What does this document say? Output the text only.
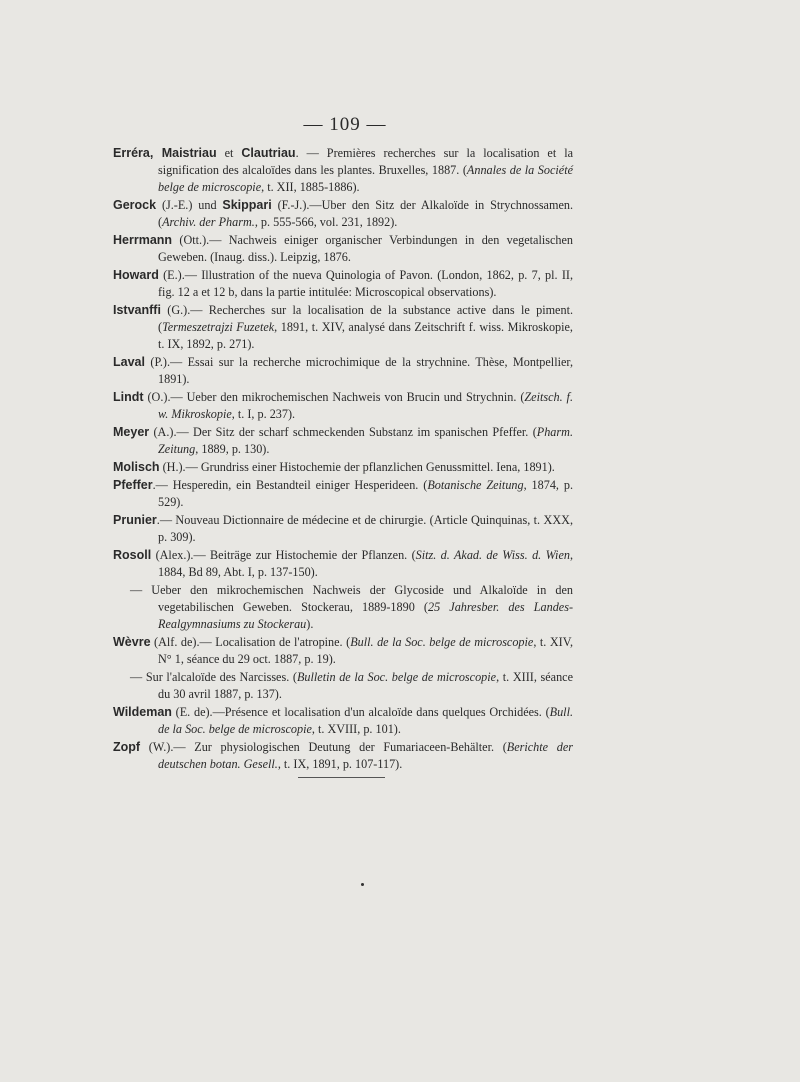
— 109 —

Erréra, Maistriau et Clautriau. — Premières recherches sur la localisation et la signification des alcaloïdes dans les plantes. Bruxelles, 1887. (Annales de la Société belge de microscopie, t. XII, 1885-1886).

Gerock (J.-E.) und Skippari (F.-J.).—Uber den Sitz der Alkaloïde in Strychnossamen. (Archiv. der Pharm., p. 555-566, vol. 231, 1892).

Herrmann (Ott.).— Nachweis einiger organischer Verbindungen in den vegetalischen Geweben. (Inaug. diss.). Leipzig, 1876.

Howard (E.).— Illustration of the nueva Quinologia of Pavon. (London, 1862, p. 7, pl. II, fig. 12 a et 12 b, dans la partie intitulée: Microscopical observations).

Istvanffi (G.).— Recherches sur la localisation de la substance active dans le piment. (Termeszetrajzi Fuzetek, 1891, t. XIV, analysé dans Zeitschrift f. wiss. Mikroskopie, t. IX, 1892, p. 271).

Laval (P.).— Essai sur la recherche microchimique de la strychnine. Thèse, Montpellier, 1891).

Lindt (O.).— Ueber den mikrochemischen Nachweis von Brucin und Strychnin. (Zeitsch. f. w. Mikroskopie, t. I, p. 237).

Meyer (A.).— Der Sitz der scharf schmeckenden Substanz im spanischen Pfeffer. (Pharm. Zeitung, 1889, p. 130).

Molisch (H.).— Grundriss einer Histochemie der pflanzlichen Genussmittel. Iena, 1891).

Pfeffer.— Hesperedin, ein Bestandteil einiger Hesperideen. (Botanische Zeitung, 1874, p. 529).

Prunier.— Nouveau Dictionnaire de médecine et de chirurgie. (Article Quinquinas, t. XXX, p. 309).

Rosoll (Alex.).— Beiträge zur Histochemie der Pflanzen. (Sitz. d. Akad. de Wiss. d. Wien, 1884, Bd 89, Abt. I, p. 137-150).

— Ueber den mikrochemischen Nachweis der Glycoside und Alkaloïde in den vegetabilischen Geweben. Stockerau, 1889-1890 (25 Jahresber. des Landes-Realgymnasiums zu Stockerau).

Wèvre (Alf. de).— Localisation de l'atropine. (Bull. de la Soc. belge de microscopie, t. XIV, N° 1, séance du 29 oct. 1887, p. 19).

— Sur l'alcaloïde des Narcisses. (Bulletin de la Soc. belge de microscopie, t. XIII, séance du 30 avril 1887, p. 137).

Wildeman (E. de).—Présence et localisation d'un alcaloïde dans quelques Orchidées. (Bull. de la Soc. belge de microscopie, t. XVIII, p. 101).

Zopf (W.).— Zur physiologischen Deutung der Fumariaceen-Behälter. (Berichte der deutschen botan. Gesell., t. IX, 1891, p. 107-117).
